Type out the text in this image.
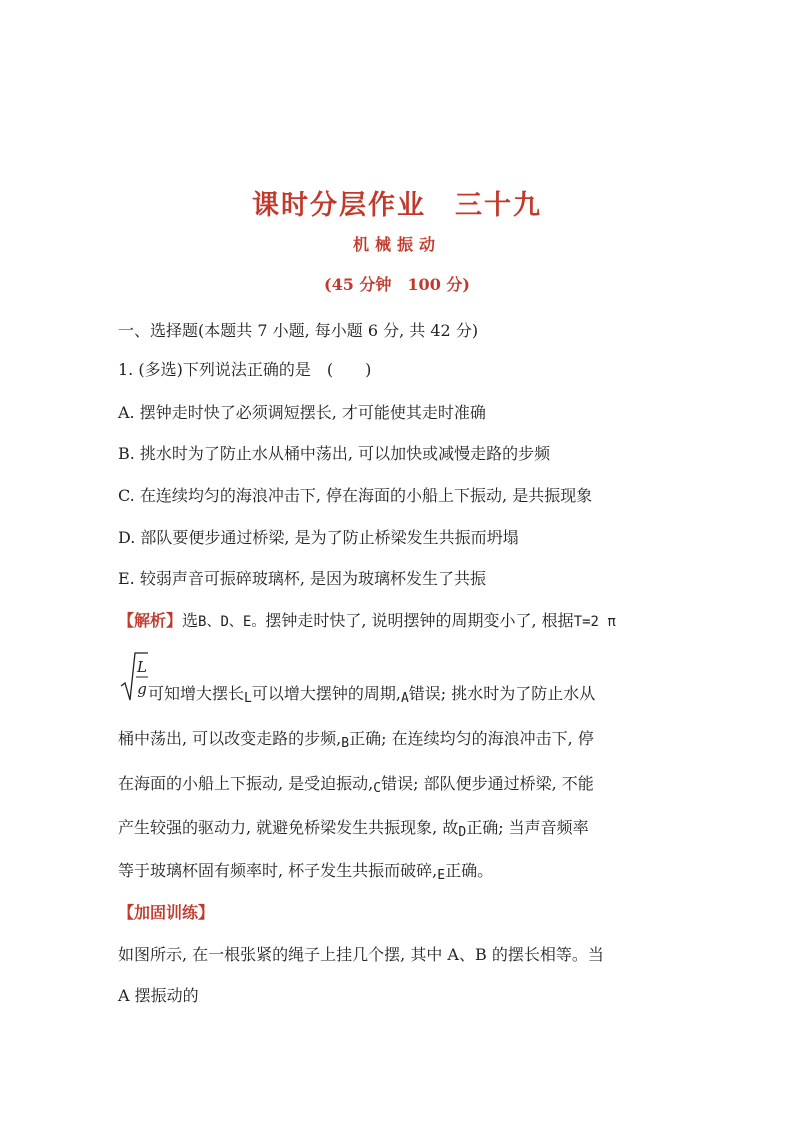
课时分层作业　三十九
机械振动
(45 分钟　100 分)
一、选择题(本题共 7 小题, 每小题 6 分, 共 42 分)
1. (多选)下列说法正确的是　(　　)
A. 摆钟走时快了必须调短摆长, 才可能使其走时准确
B. 挑水时为了防止水从桶中荡出, 可以加快或减慢走路的步频
C. 在连续均匀的海浪冲击下, 停在海面的小船上下振动, 是共振现象
D. 部队要便步通过桥梁, 是为了防止桥梁发生共振而坍塌
E. 较弱声音可振碎玻璃杯, 是因为玻璃杯发生了共振
【解析】选B、D、E。摆钟走时快了, 说明摆钟的周期变小了, 根据T=2 π
L
g 可知增大摆长L可以增大摆钟的周期,A错误; 挑水时为了防止水从
桶中荡出, 可以改变走路的步频,B正确; 在连续均匀的海浪冲击下, 停
在海面的小船上下振动, 是受迫振动,C错误; 部队便步通过桥梁, 不能
产生较强的驱动力, 就避免桥梁发生共振现象, 故D正确; 当声音频率
等于玻璃杯固有频率时, 杯子发生共振而破碎,E正确。
【加固训练】
如图所示, 在一根张紧的绳子上挂几个摆, 其中 A、B 的摆长相等。当
A 摆振动的
